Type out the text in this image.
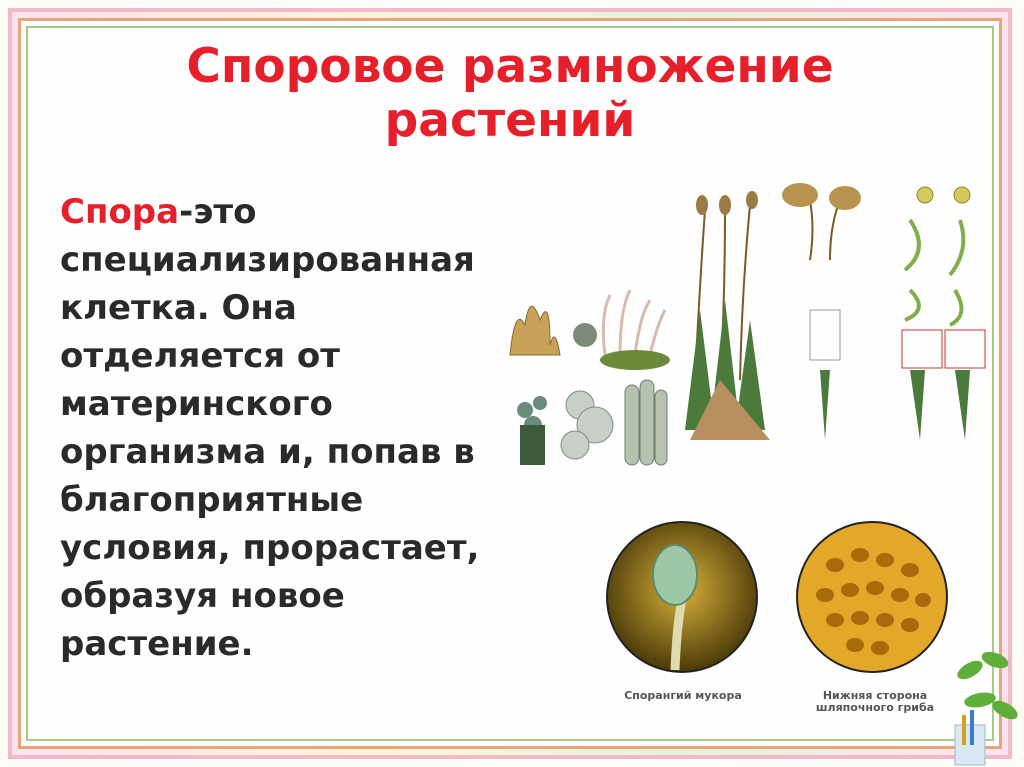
Споровое размножение
растений
Спора-это специализированная клетка. Она отделяется от материнского организма и, попав в благоприятные условия, прорастает, образуя новое растение.
Спорангий мукора	Нижняя сторона шляпочного гриба
